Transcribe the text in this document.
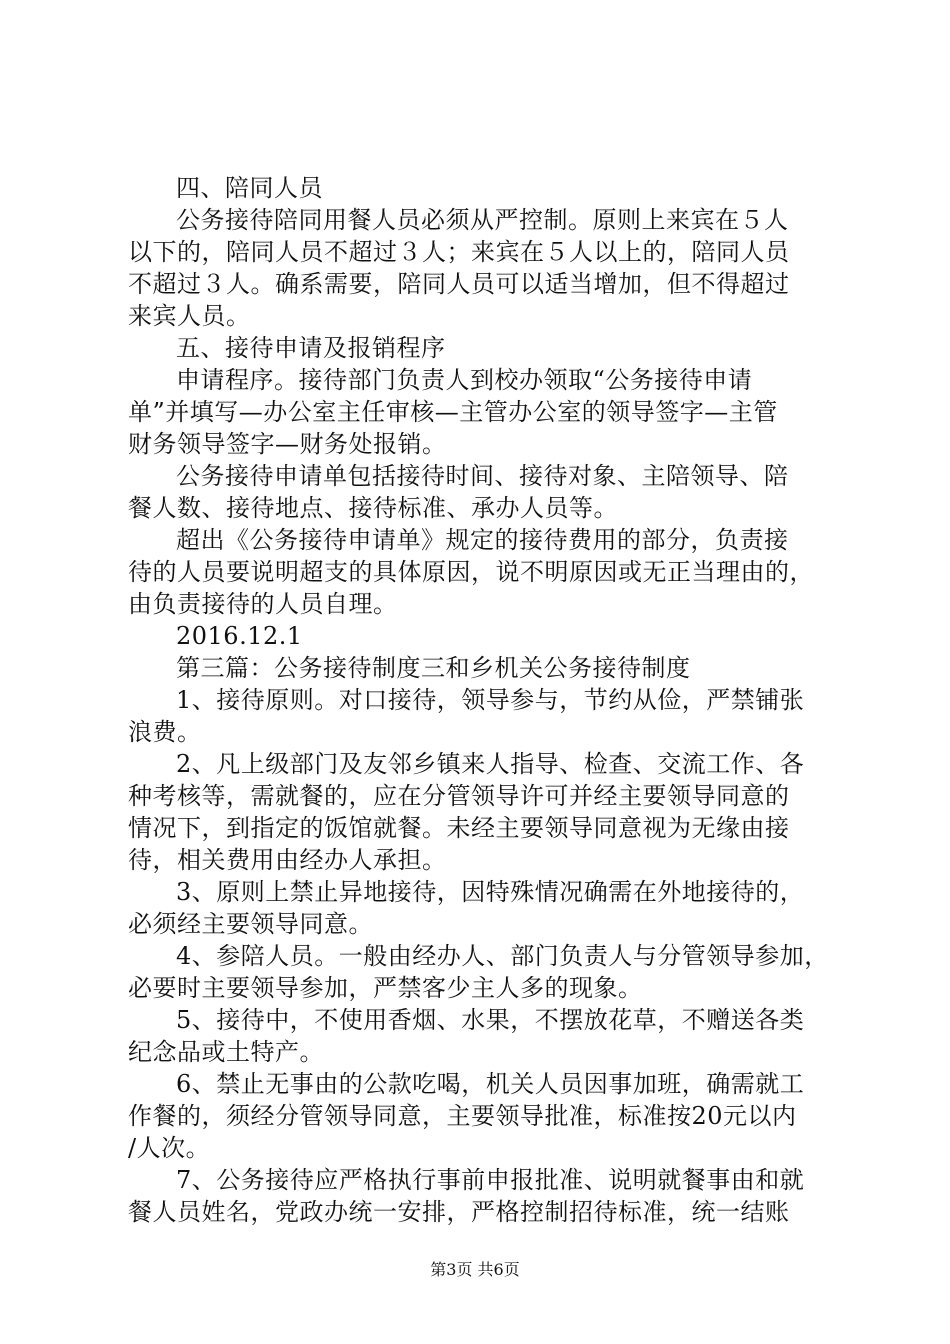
四、陪同人员
公务接待陪同用餐人员必须从严控制。原则上来宾在５人
以下的，陪同人员不超过３人；来宾在５人以上的，陪同人员
不超过３人。确系需要，陪同人员可以适当增加，但不得超过
来宾人员。
五、接待申请及报销程序
申请程序。接待部门负责人到校办领取“公务接待申请
单”并填写—办公室主任审核—主管办公室的领导签字—主管
财务领导签字—财务处报销。
公务接待申请单包括接待时间、接待对象、主陪领导、陪
餐人数、接待地点、接待标准、承办人员等。
超出《公务接待申请单》规定的接待费用的部分，负责接
待的人员要说明超支的具体原因，说不明原因或无正当理由的，
由负责接待的人员自理。
2016.12.1
第三篇：公务接待制度三和乡机关公务接待制度
1、接待原则。对口接待，领导参与，节约从俭，严禁铺张
浪费。
2、凡上级部门及友邻乡镇来人指导、检查、交流工作、各
种考核等，需就餐的，应在分管领导许可并经主要领导同意的
情况下，到指定的饭馆就餐。未经主要领导同意视为无缘由接
待，相关费用由经办人承担。
3、原则上禁止异地接待，因特殊情况确需在外地接待的，
必须经主要领导同意。
4、参陪人员。一般由经办人、部门负责人与分管领导参加，
必要时主要领导参加，严禁客少主人多的现象。
5、接待中，不使用香烟、水果，不摆放花草，不赠送各类
纪念品或土特产。
6、禁止无事由的公款吃喝，机关人员因事加班，确需就工
作餐的，须经分管领导同意，主要领导批准，标准按20元以内
/人次。
7、公务接待应严格执行事前申报批准、说明就餐事由和就
餐人员姓名，党政办统一安排，严格控制招待标准，统一结账
第3页 共6页
